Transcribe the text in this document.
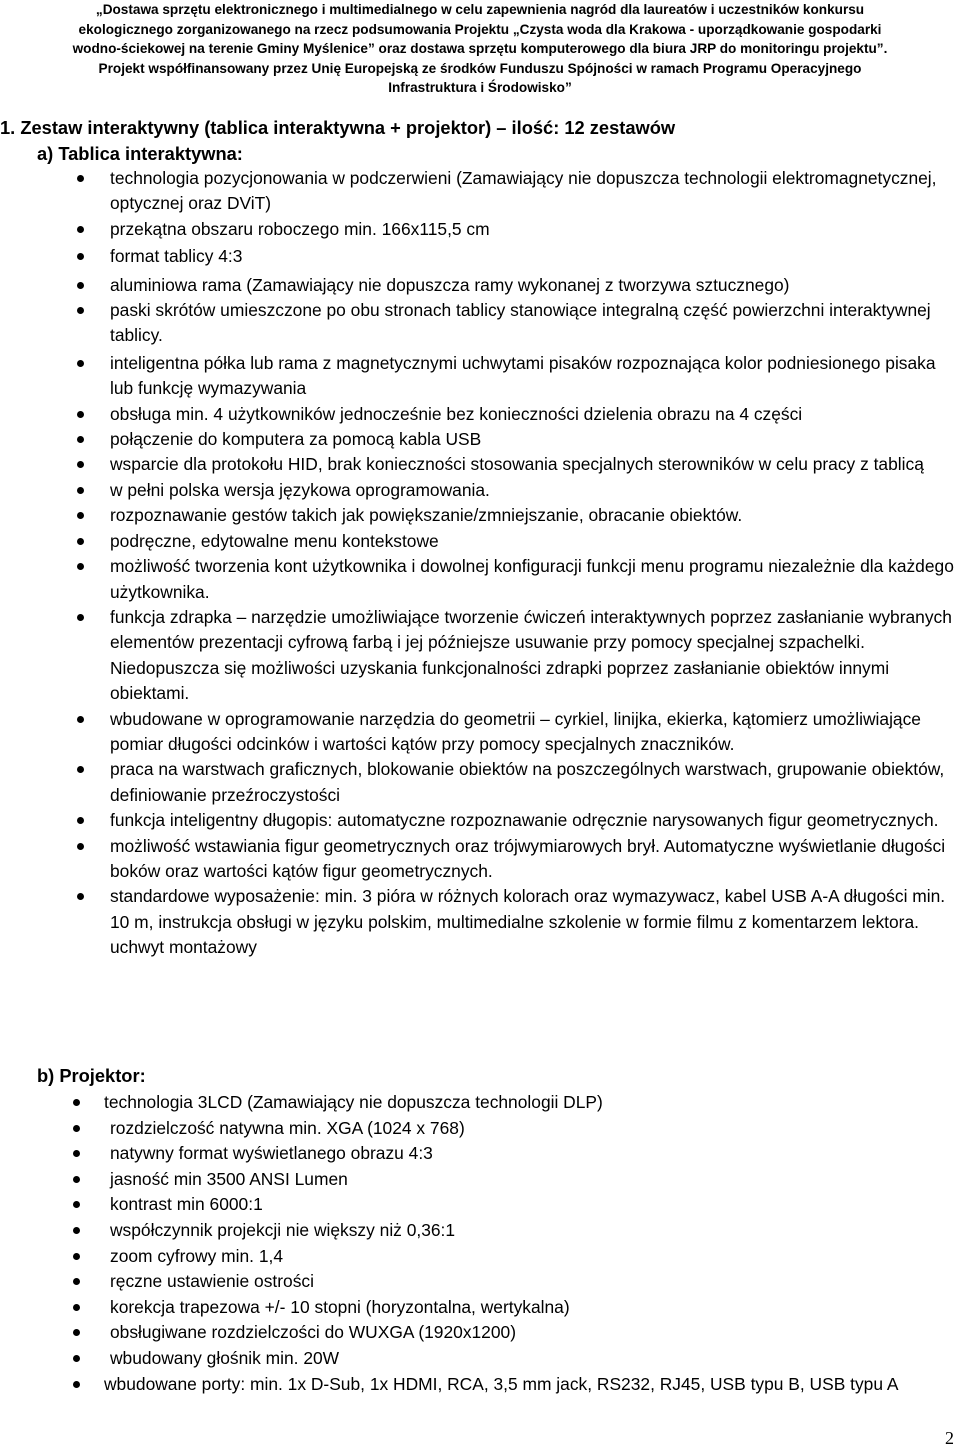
„Dostawa sprzętu elektronicznego i multimedialnego w celu zapewnienia nagród dla laureatów i uczestników konkursu
ekologicznego zorganizowanego na rzecz podsumowania Projektu „Czysta woda dla Krakowa - uporządkowanie gospodarki
wodno-ściekowej na terenie Gminy Myślenice” oraz dostawa sprzętu komputerowego dla biura JRP do monitoringu projektu”.
Projekt współfinansowany przez Unię Europejską ze środków Funduszu Spójności w ramach Programu Operacyjnego
Infrastruktura i Środowisko”
1. Zestaw interaktywny (tablica interaktywna + projektor) – ilość: 12 zestawów
a) Tablica interaktywna:
technologia pozycjonowania w podczerwieni (Zamawiający nie dopuszcza technologii elektromagnetycznej, optycznej oraz DViT)
przekątna obszaru roboczego min. 166x115,5 cm
format tablicy 4:3
aluminiowa rama (Zamawiający nie dopuszcza ramy wykonanej z tworzywa sztucznego)
paski skrótów umieszczone po obu stronach tablicy stanowiące integralną część powierzchni interaktywnej tablicy.
inteligentna półka lub rama z magnetycznymi uchwytami pisaków rozpoznająca kolor podniesionego pisaka lub funkcję wymazywania
obsługa min. 4 użytkowników jednocześnie bez konieczności dzielenia obrazu na 4 części
połączenie do komputera za pomocą kabla USB
wsparcie dla protokołu HID, brak konieczności stosowania specjalnych sterowników w celu pracy z tablicą
w pełni polska wersja językowa oprogramowania.
rozpoznawanie gestów takich jak powiększanie/zmniejszanie, obracanie obiektów.
podręczne, edytowalne menu kontekstowe
możliwość tworzenia kont użytkownika i dowolnej konfiguracji funkcji menu programu niezależnie dla każdego użytkownika.
funkcja zdrapka – narzędzie umożliwiające tworzenie ćwiczeń interaktywnych poprzez zasłanianie wybranych elementów prezentacji cyfrową farbą i jej późniejsze usuwanie przy pomocy specjalnej szpachelki. Niedopuszcza się możliwości uzyskania funkcjonalności zdrapki poprzez zasłanianie obiektów innymi obiektami.
wbudowane w oprogramowanie narzędzia do geometrii – cyrkiel, linijka, ekierka, kątomierz umożliwiające pomiar długości odcinków i wartości kątów przy pomocy specjalnych znaczników.
praca na warstwach graficznych, blokowanie obiektów na poszczególnych warstwach, grupowanie obiektów, definiowanie przeźroczystości
funkcja inteligentny długopis: automatyczne rozpoznawanie odręcznie narysowanych figur geometrycznych.
możliwość wstawiania figur geometrycznych oraz trójwymiarowych brył. Automatyczne wyświetlanie długości boków oraz wartości kątów figur geometrycznych.
standardowe wyposażenie: min. 3 pióra w różnych kolorach oraz wymazywacz, kabel USB A-A długości min. 10 m, instrukcja obsługi w języku polskim, multimedialne szkolenie w formie filmu z komentarzem lektora. uchwyt montażowy
b) Projektor:
technologia 3LCD (Zamawiający nie dopuszcza technologii DLP)
rozdzielczość natywna min. XGA (1024 x 768)
natywny format wyświetlanego obrazu 4:3
jasność min 3500 ANSI Lumen
kontrast min 6000:1
współczynnik projekcji nie większy niż 0,36:1
zoom cyfrowy min. 1,4
ręczne ustawienie ostrości
korekcja trapezowa +/- 10 stopni (horyzontalna, wertykalna)
obsługiwane rozdzielczości do WUXGA (1920x1200)
wbudowany głośnik min. 20W
wbudowane porty: min. 1x D-Sub, 1x HDMI, RCA, 3,5 mm jack, RS232, RJ45, USB typu B, USB typu A
2
